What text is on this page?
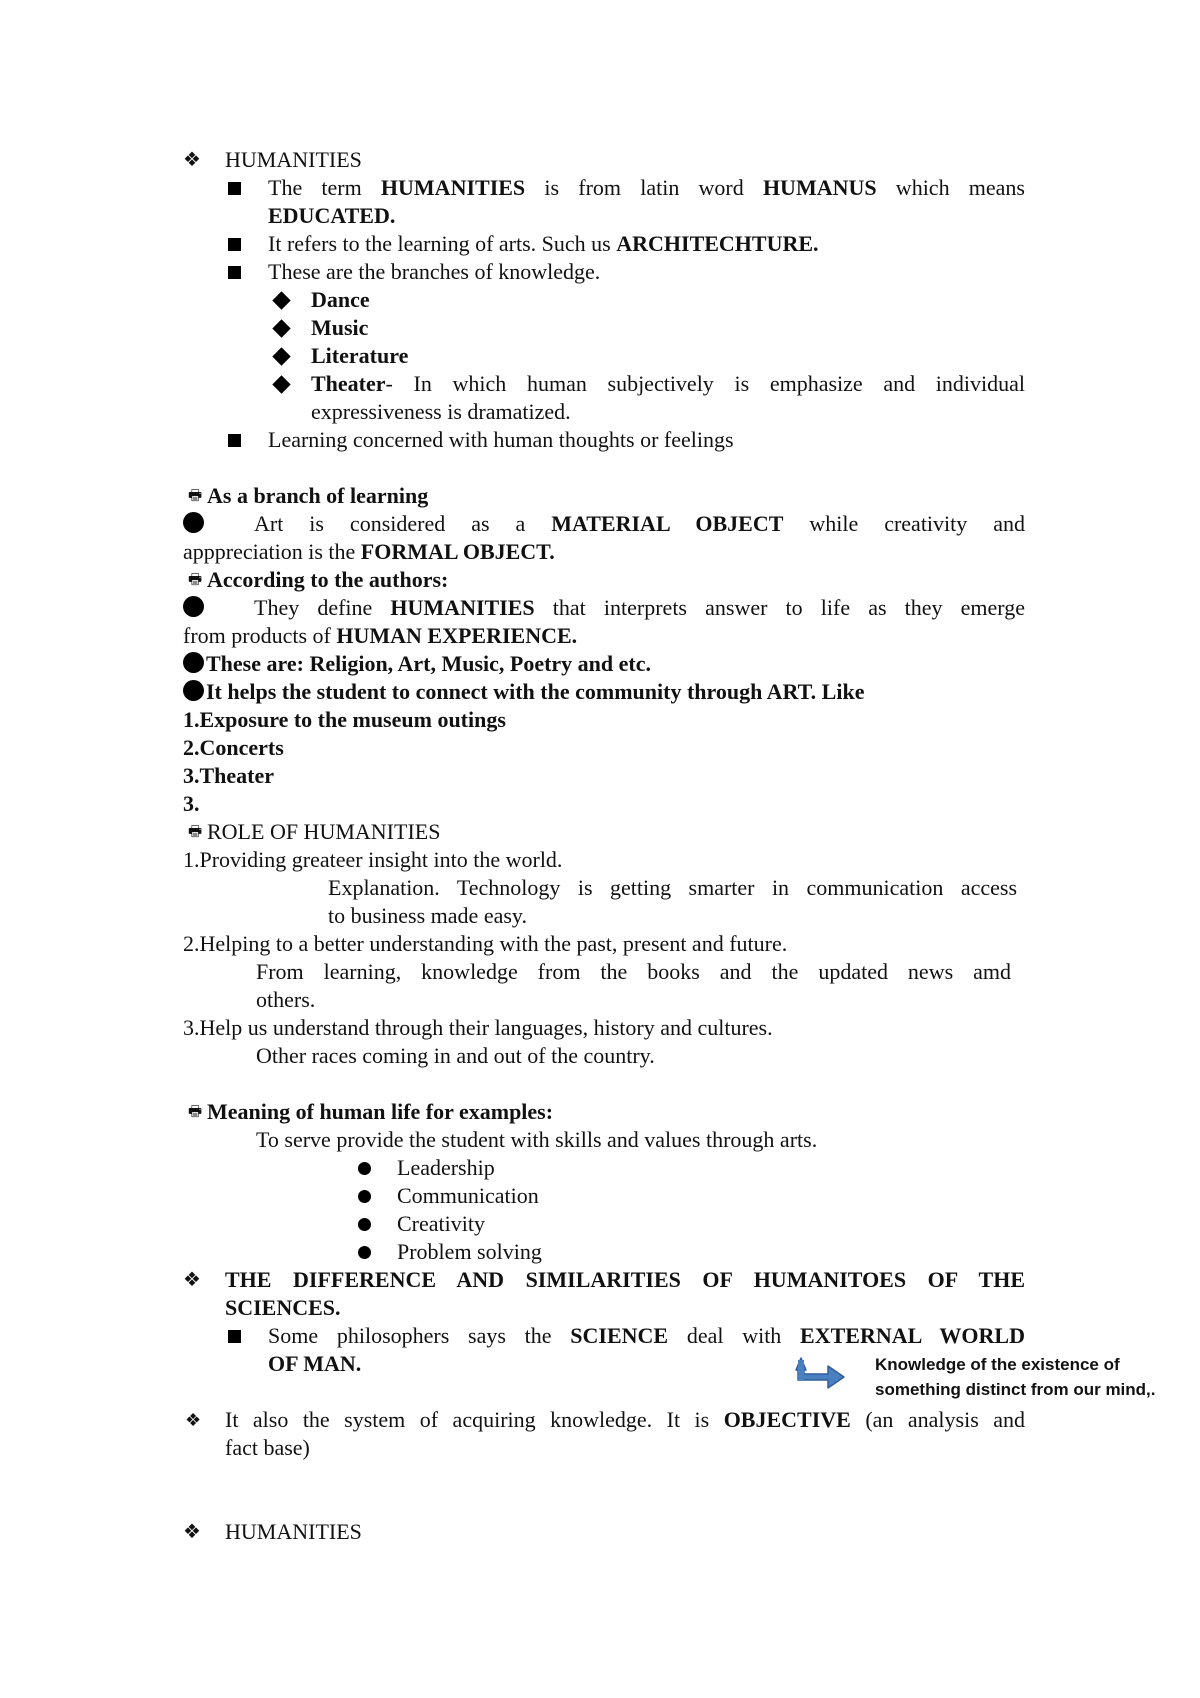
❖ HUMANITIES
The term HUMANITIES is from latin word HUMANUS which means
EDUCATED.
It refers to the learning of arts. Such us ARCHITECHTURE.
These are the branches of knowledge.
Dance
Music
Literature
Theater- In which human subjectively is emphasize and individual
expressiveness is dramatized.
Learning concerned with human thoughts or feelings
🖶 As a branch of learning
Art is considered as a MATERIAL OBJECT while creativity and
apppreciation is the FORMAL OBJECT.
🖶 According to the authors:
They define HUMANITIES that interprets answer to life as they emerge
from products of HUMAN EXPERIENCE.
These are: Religion, Art, Music, Poetry and etc.
It helps the student to connect with the community through ART. Like
1.Exposure to the museum outings
2.Concerts
3.Theater
3.
🖶 ROLE OF HUMANITIES
1.Providing greateer insight into the world.
Explanation. Technology is getting smarter in communication access
to business made easy.
2.Helping to a better understanding with the past, present and future.
From learning, knowledge from the books and the updated news amd
others.
3.Help us understand through their languages, history and cultures.
Other races coming in and out of the country.
🖶 Meaning of human life for examples:
To serve provide the student with skills and values through arts.
Leadership
Communication
Creativity
Problem solving
❖ THE DIFFERENCE AND SIMILARITIES OF HUMANITOES OF THE
SCIENCES.
Some philosophers says the SCIENCE deal with EXTERNAL WORLD
OF MAN.	Knowledge of the existence of
something distinct from our mind,.
❖ It also the system of acquiring knowledge. It is OBJECTIVE (an analysis and
fact base)
❖ HUMANITIES
